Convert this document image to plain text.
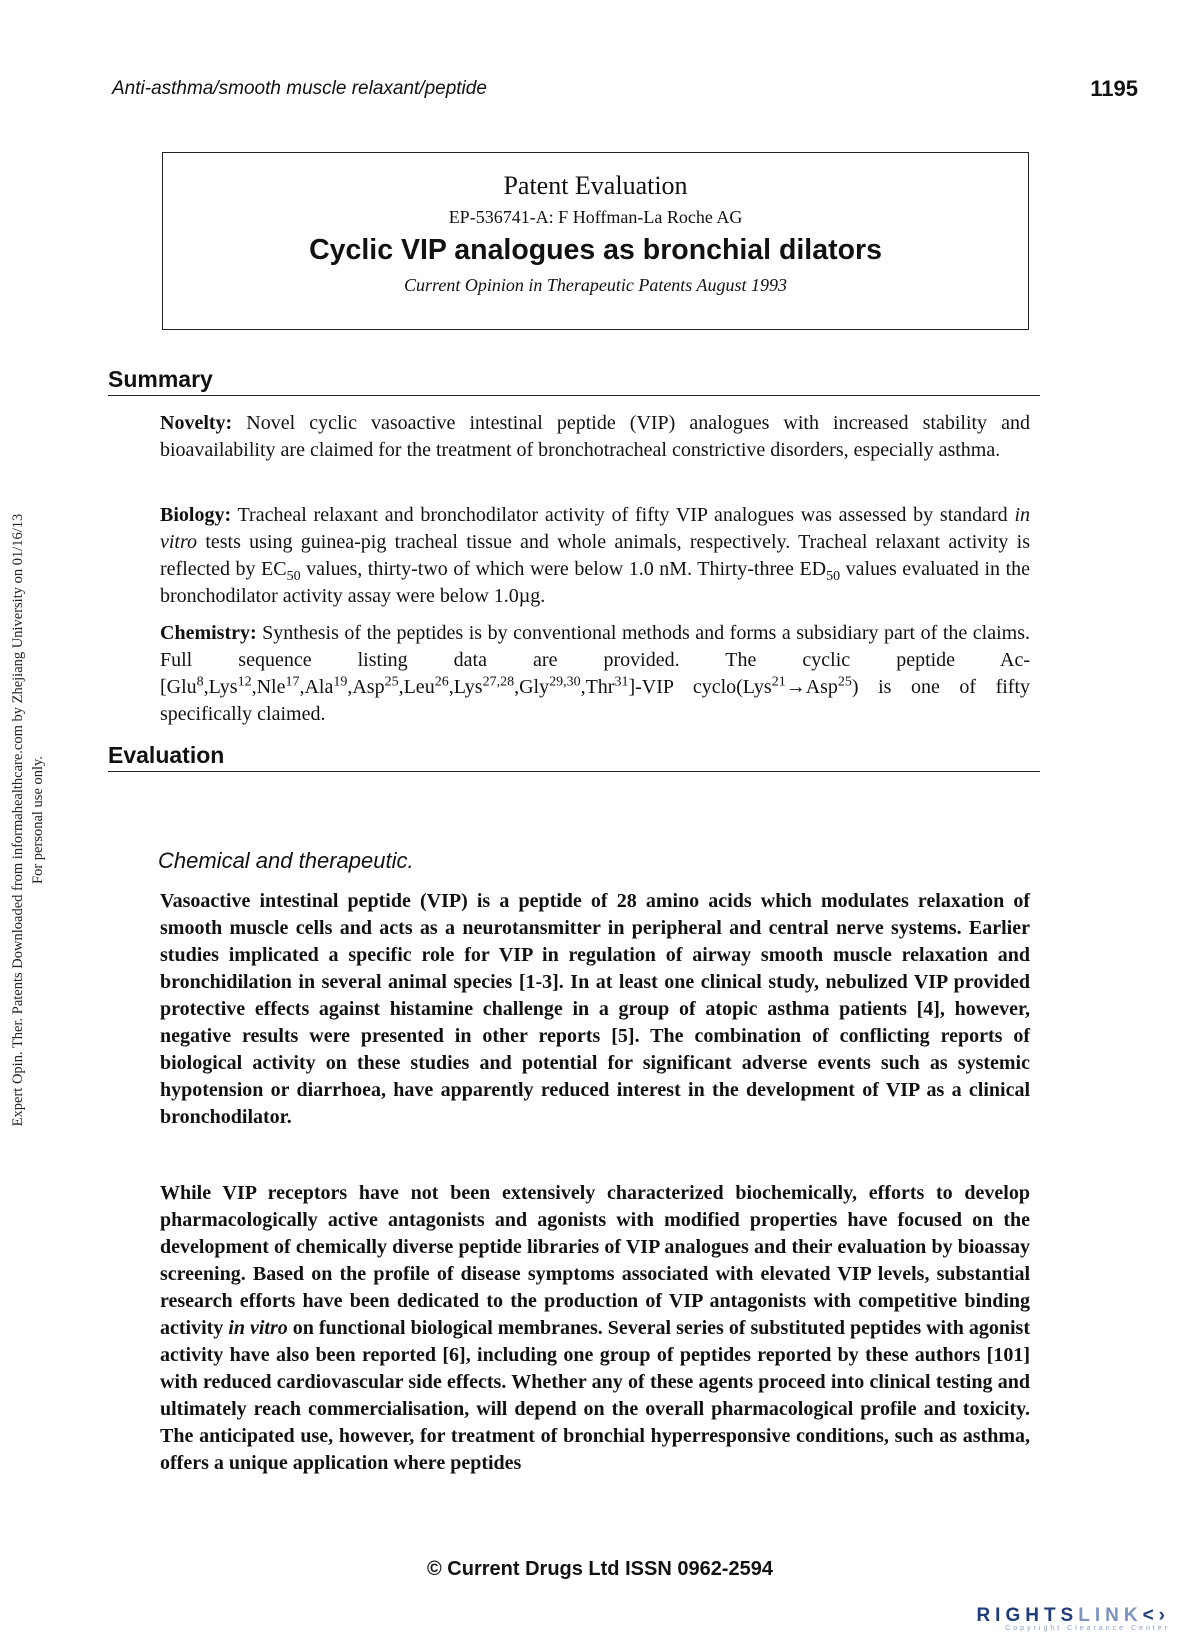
Anti-asthma/smooth muscle relaxant/peptide	1195
Expert Opin. Ther. Patents Downloaded from informahealthcare.com by Zhejiang University on 01/16/13 For personal use only.
Patent Evaluation
EP-536741-A: F Hoffman-La Roche AG
Cyclic VIP analogues as bronchial dilators
Current Opinion in Therapeutic Patents August 1993
Summary
Novelty: Novel cyclic vasoactive intestinal peptide (VIP) analogues with increased stability and bioavailability are claimed for the treatment of bronchotracheal constrictive disorders, especially asthma.
Biology: Tracheal relaxant and bronchodilator activity of fifty VIP analogues was assessed by standard in vitro tests using guinea-pig tracheal tissue and whole animals, respectively. Tracheal relaxant activity is reflected by $EC_{50}$ values, thirty-two of which were below 1.0 nM. Thirty-three $ED_{50}$ values evaluated in the bronchodilator activity assay were below 1.0µg.
Chemistry: Synthesis of the peptides is by conventional methods and forms a subsidiary part of the claims. Full sequence listing data are provided. The cyclic peptide Ac-[Glu$^8$,Lys$^{12}$,Nle$^{17}$,Ala$^{19}$,Asp$^{25}$,Leu$^{26}$,Lys$^{27,28}$,Gly$^{29,30}$,Thr$^{31}$]-VIP cyclo(Lys$^{21}$→Asp$^{25}$) is one of fifty specifically claimed.
Evaluation
Chemical and therapeutic.
Vasoactive intestinal peptide (VIP) is a peptide of 28 amino acids which modulates relaxation of smooth muscle cells and acts as a neurotansmitter in peripheral and central nerve systems. Earlier studies implicated a specific role for VIP in regulation of airway smooth muscle relaxation and bronchidilation in several animal species [1-3]. In at least one clinical study, nebulized VIP provided protective effects against histamine challenge in a group of atopic asthma patients [4], however, negative results were presented in other reports [5]. The combination of conflicting reports of biological activity on these studies and potential for significant adverse events such as systemic hypotension or diarrhoea, have apparently reduced interest in the development of VIP as a clinical bronchodilator.
While VIP receptors have not been extensively characterized biochemically, efforts to develop pharmacologically active antagonists and agonists with modified properties have focused on the development of chemically diverse peptide libraries of VIP analogues and their evaluation by bioassay screening. Based on the profile of disease symptoms associated with elevated VIP levels, substantial research efforts have been dedicated to the production of VIP antagonists with competitive binding activity in vitro on functional biological membranes. Several series of substituted peptides with agonist activity have also been reported [6], including one group of peptides reported by these authors [101] with reduced cardiovascular side effects. Whether any of these agents proceed into clinical testing and ultimately reach commercialisation, will depend on the overall pharmacological profile and toxicity. The anticipated use, however, for treatment of bronchial hyperresponsive conditions, such as asthma, offers a unique application where peptides
© Current Drugs Ltd ISSN 0962-2594
RIGHTSLINK<›
Copyright Clearance Center
